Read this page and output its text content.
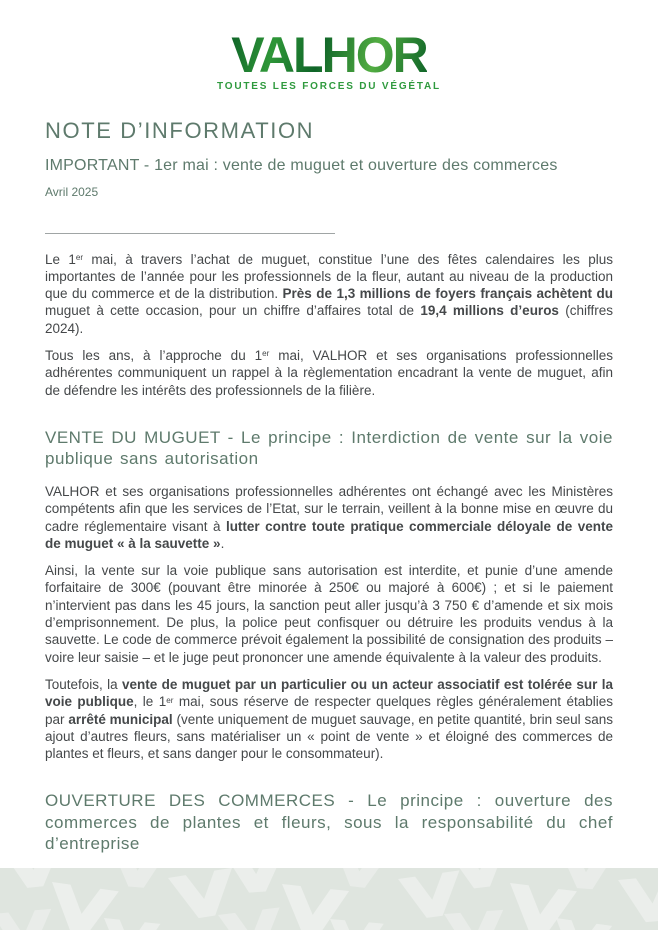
VALHOR
TOUTES LES FORCES DU VÉGÉTAL
NOTE D’INFORMATION
IMPORTANT - 1er mai : vente de muguet et ouverture des commerces
Avril 2025

Le 1er mai, à travers l’achat de muguet, constitue l’une des fêtes calendaires les plus importantes de l’année pour les professionnels de la fleur, autant au niveau de la production que du commerce et de la distribution. Près de 1,3 millions de foyers français achètent du muguet à cette occasion, pour un chiffre d’affaires total de 19,4 millions d’euros (chiffres 2024).

Tous les ans, à l’approche du 1er mai, VALHOR et ses organisations professionnelles adhérentes communiquent un rappel à la règlementation encadrant la vente de muguet, afin de défendre les intérêts des professionnels de la filière.

VENTE DU MUGUET - Le principe : Interdiction de vente sur la voie publique sans autorisation

VALHOR et ses organisations professionnelles adhérentes ont échangé avec les Ministères compétents afin que les services de l’Etat, sur le terrain, veillent à la bonne mise en œuvre du cadre réglementaire visant à lutter contre toute pratique commerciale déloyale de vente de muguet « à la sauvette ».

Ainsi, la vente sur la voie publique sans autorisation est interdite, et punie d’une amende forfaitaire de 300€ (pouvant être minorée à 250€ ou majoré à 600€) ; et si le paiement n’intervient pas dans les 45 jours, la sanction peut aller jusqu’à 3 750 € d’amende et six mois d’emprisonnement. De plus, la police peut confisquer ou détruire les produits vendus à la sauvette. Le code de commerce prévoit également la possibilité de consignation des produits – voire leur saisie – et le juge peut prononcer une amende équivalente à la valeur des produits.

Toutefois, la vente de muguet par un particulier ou un acteur associatif est tolérée sur la voie publique, le 1er mai, sous réserve de respecter quelques règles généralement établies par arrêté municipal (vente uniquement de muguet sauvage, en petite quantité, brin seul sans ajout d’autres fleurs, sans matérialiser un « point de vente » et éloigné des commerces de plantes et fleurs, et sans danger pour le consommateur).

OUVERTURE DES COMMERCES - Le principe : ouverture des commerces de plantes et fleurs, sous la responsabilité du chef d’entreprise
